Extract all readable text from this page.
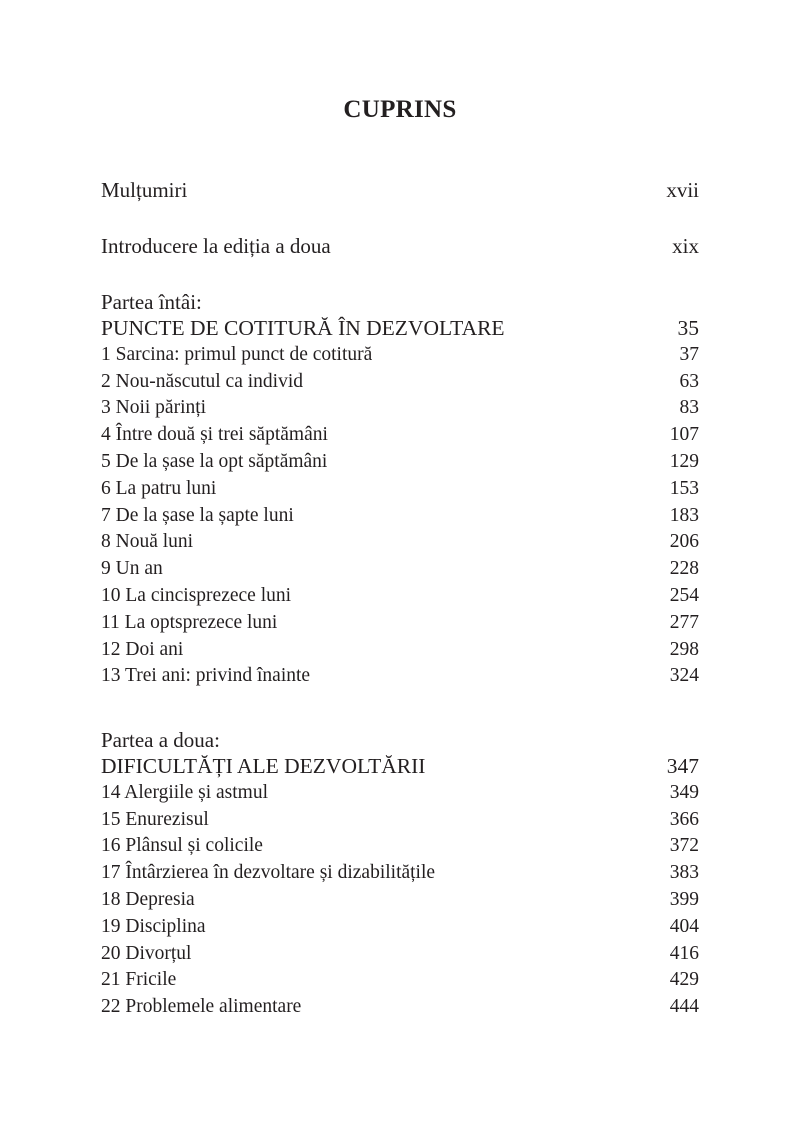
CUPRINS
Mulțumiri .....	xvii
Introducere la ediția a doua .....	xix
Partea întâi:
PUNCTE DE COTITURĂ ÎN DEZVOLTARE .....	35
1 Sarcina: primul punct de cotitură .....	37
2 Nou-născutul ca individ .....	63
3 Noii părinți .....	83
4 Între două și trei săptămâni .....	107
5 De la șase la opt săptămâni .....	129
6 La patru luni .....	153
7 De la șase la șapte luni .....	183
8 Nouă luni .....	206
9 Un an .....	228
10 La cincisprezece luni .....	254
11 La optsprezece luni .....	277
12 Doi ani .....	298
13 Trei ani: privind înainte .....	324
Partea a doua:
DIFICULTĂȚI ALE DEZVOLTĂRII .....	347
14 Alergiile și astmul .....	349
15 Enurezisul .....	366
16 Plânsul și colicile .....	372
17 Întârzierea în dezvoltare și dizabilitățile .....	383
18 Depresia .....	399
19 Disciplina .....	404
20 Divorțul .....	416
21 Fricile .....	429
22 Problemele alimentare .....	444
